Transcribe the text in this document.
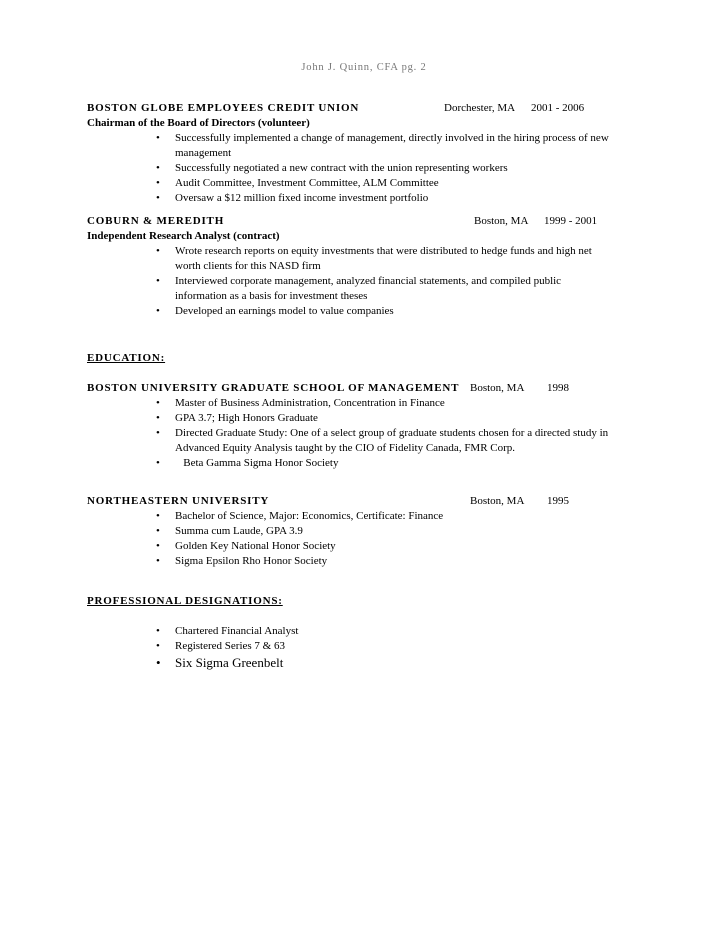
John J. Quinn, CFA pg. 2
BOSTON GLOBE EMPLOYEES CREDIT UNION	Dorchester, MA 2001 - 2006
Chairman of the Board of Directors (volunteer)
• Successfully implemented a change of management, directly involved in the hiring process of new management
• Successfully negotiated a new contract with the union representing workers
• Audit Committee, Investment Committee, ALM Committee
• Oversaw a $12 million fixed income investment portfolio
COBURN & MEREDITH	Boston, MA 1999 - 2001
Independent Research Analyst (contract)
• Wrote research reports on equity investments that were distributed to hedge funds and high net worth clients for this NASD firm
• Interviewed corporate management, analyzed financial statements, and compiled public information as a basis for investment theses
• Developed an earnings model to value companies
EDUCATION:
BOSTON UNIVERSITY GRADUATE SCHOOL OF MANAGEMENT Boston, MA 1998
• Master of Business Administration, Concentration in Finance
• GPA 3.7; High Honors Graduate
• Directed Graduate Study: One of a select group of graduate students chosen for a directed study in Advanced Equity Analysis taught by the CIO of Fidelity Canada, FMR Corp.
• Beta Gamma Sigma Honor Society
NORTHEASTERN UNIVERSITY	Boston, MA 1995
• Bachelor of Science, Major: Economics, Certificate: Finance
• Summa cum Laude, GPA 3.9
• Golden Key National Honor Society
• Sigma Epsilon Rho Honor Society
PROFESSIONAL DESIGNATIONS:
• Chartered Financial Analyst
• Registered Series 7 & 63
• Six Sigma Greenbelt
